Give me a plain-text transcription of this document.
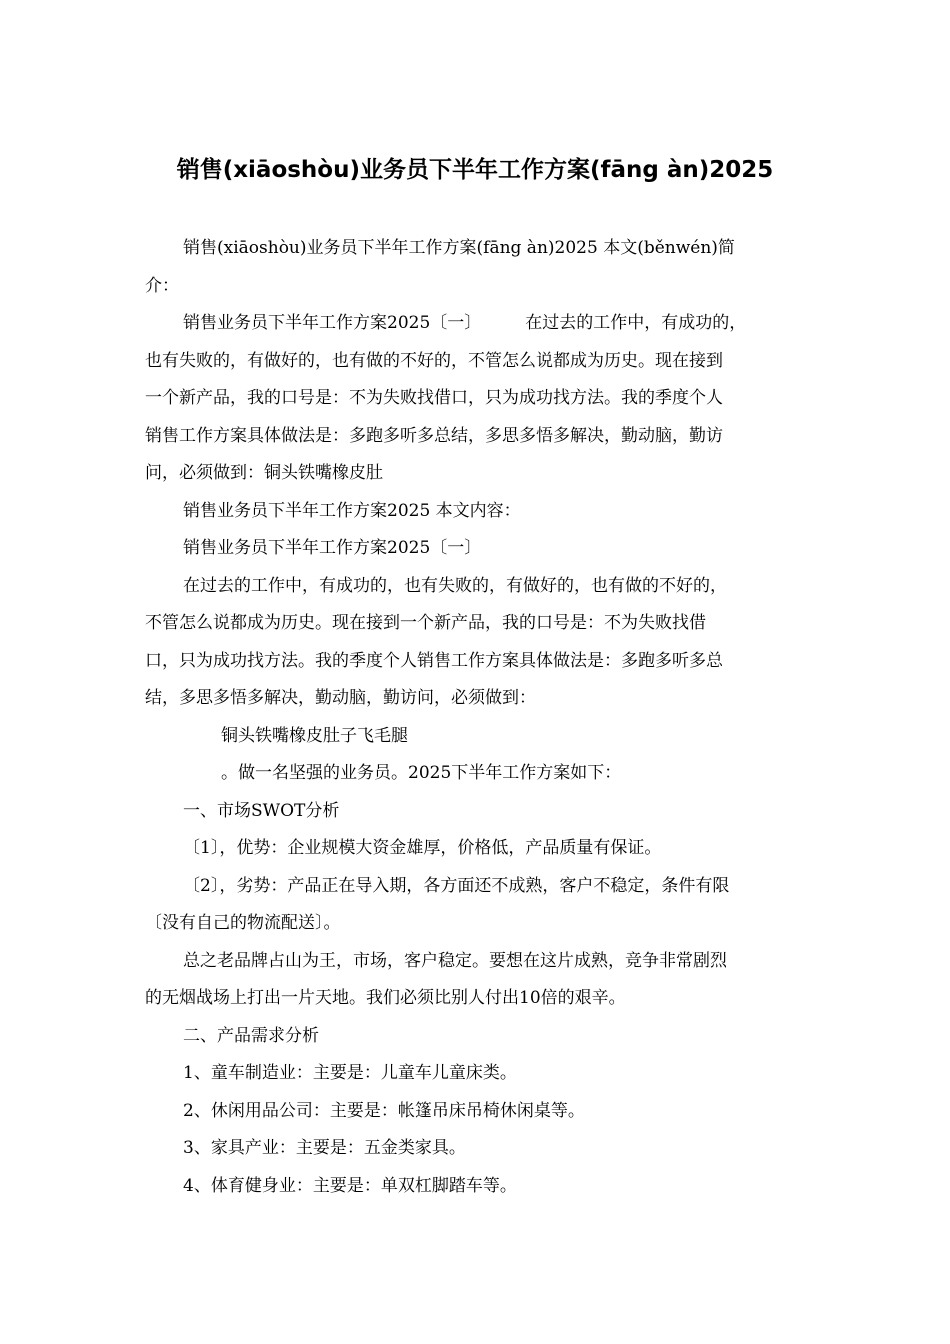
销售(xiāoshòu)业务员下半年工作方案(fāng àn)2025

销售(xiāoshòu)业务员下半年工作方案(fāng àn)2025 本文(běnwén)简
介：

销售业务员下半年工作方案2025〔一〕	在过去的工作中，有成功的，
也有失败的，有做好的，也有做的不好的，不管怎么说都成为历史。现在接到
一个新产品，我的口号是：不为失败找借口，只为成功找方法。我的季度个人
销售工作方案具体做法是：多跑多听多总结，多思多悟多解决，勤动脑，勤访
问，必须做到：铜头铁嘴橡皮肚

销售业务员下半年工作方案2025 本文内容：

销售业务员下半年工作方案2025〔一〕

在过去的工作中，有成功的，也有失败的，有做好的，也有做的不好的，
不管怎么说都成为历史。现在接到一个新产品，我的口号是：不为失败找借
口，只为成功找方法。我的季度个人销售工作方案具体做法是：多跑多听多总
结，多思多悟多解决，勤动脑，勤访问，必须做到：

铜头铁嘴橡皮肚子飞毛腿

。做一名坚强的业务员。2025下半年工作方案如下：

一、市场SWOT分析

〔1〕，优势：企业规模大资金雄厚，价格低，产品质量有保证。

〔2〕，劣势：产品正在导入期，各方面还不成熟，客户不稳定，条件有限
〔没有自己的物流配送〕。

总之老品牌占山为王，市场，客户稳定。要想在这片成熟，竞争非常剧烈
的无烟战场上打出一片天地。我们必须比别人付出10倍的艰辛。

二、产品需求分析

1、童车制造业：主要是：儿童车儿童床类。

2、休闲用品公司：主要是：帐篷吊床吊椅休闲桌等。

3、家具产业：主要是：五金类家具。

4、体育健身业：主要是：单双杠脚踏车等。
